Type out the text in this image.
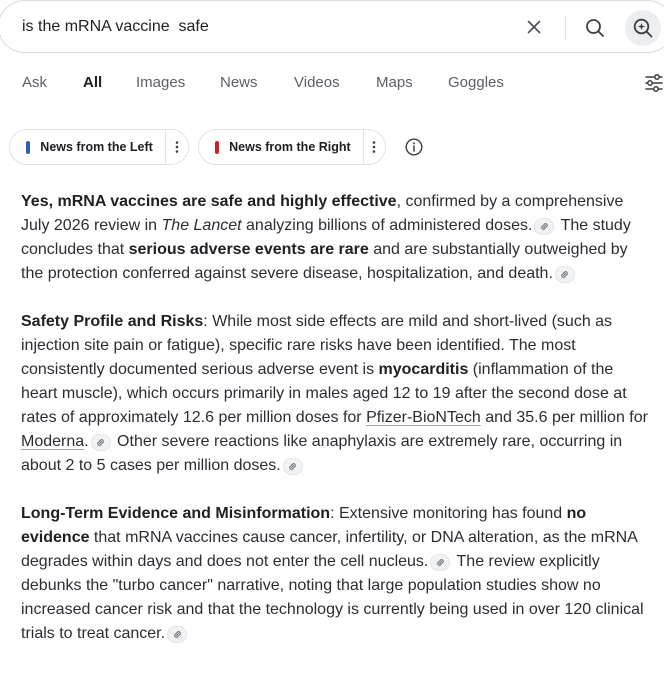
is the mRNA vaccine  safe
Ask All Images News Videos Maps Goggles
News from the Left	News from the Right

Yes, mRNA vaccines are safe and highly effective, confirmed by a comprehensive July 2026 review in The Lancet analyzing billions of administered doses.
The study concludes that serious adverse events are rare and are substantially outweighed by the protection conferred against severe disease, hospitalization, and death.

Safety Profile and Risks: While most side effects are mild and short-lived (such as injection site pain or fatigue), specific rare risks have been identified. The most consistently documented serious adverse event is myocarditis (inflammation of the heart muscle), which occurs primarily in males aged 12 to 19 after the second dose at rates of approximately 12.6 per million doses for Pfizer-BioNTech and 35.6 per million for Moderna.
Other severe reactions like anaphylaxis are extremely rare, occurring in about 2 to 5 cases per million doses.

Long-Term Evidence and Misinformation: Extensive monitoring has found no evidence that mRNA vaccines cause cancer, infertility, or DNA alteration, as the mRNA degrades within days and does not enter the cell nucleus.
The review explicitly debunks the "turbo cancer" narrative, noting that large population studies show no increased cancer risk and that the technology is currently being used in over 120 clinical trials to treat cancer.
